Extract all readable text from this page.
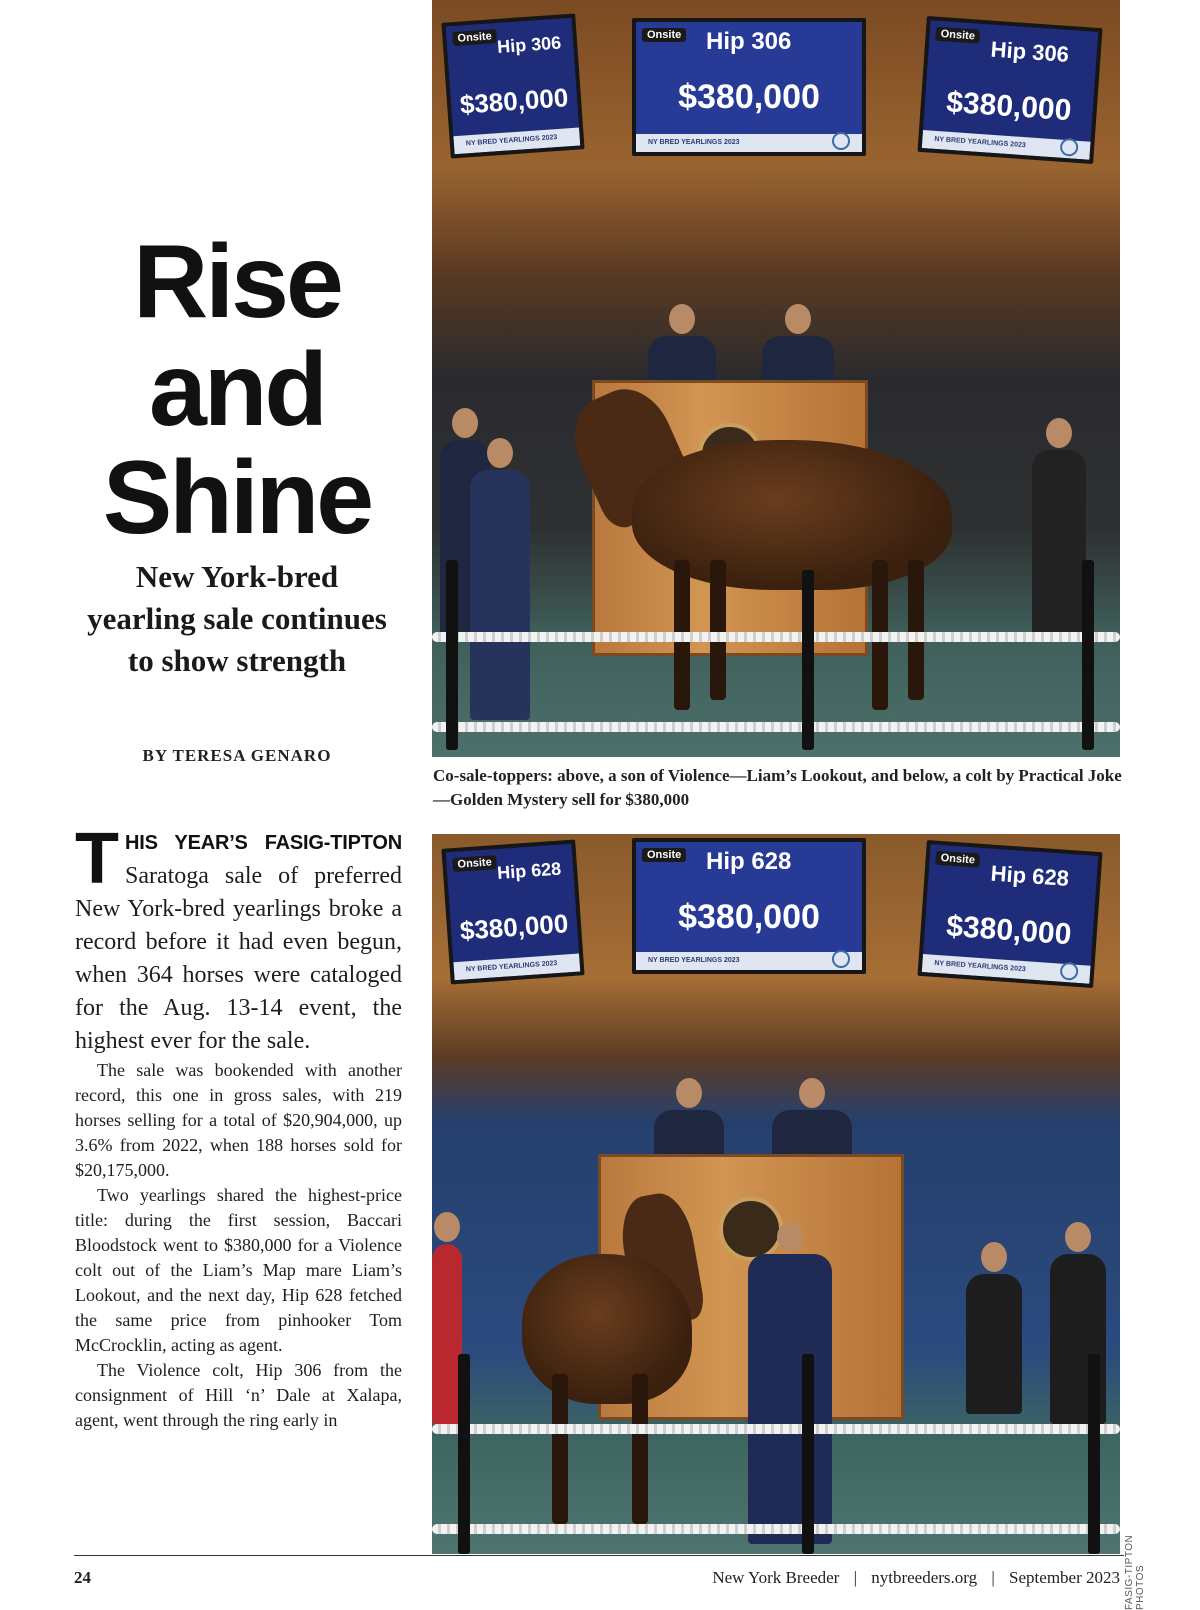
Rise
and
Shine

New York-bred yearling sale continues to show strength

BY TERESA GENARO

THIS YEAR’S FASIG-TIPTON Saratoga sale of preferred New York-bred yearlings broke a record before it had even begun, when 364 horses were cataloged for the Aug. 13-14 event, the highest ever for the sale.

The sale was bookended with another record, this one in gross sales, with 219 horses selling for a total of $20,904,000, up 3.6% from 2022, when 188 horses sold for $20,175,000.

Two yearlings shared the highest-price title: during the first session, Baccari Bloodstock went to $380,000 for a Violence colt out of the Liam’s Map mare Liam’s Lookout, and the next day, Hip 628 fetched the same price from pinhooker Tom McCrocklin, acting as agent.

The Violence colt, Hip 306 from the consignment of Hill ‘n’ Dale at Xalapa, agent, went through the ring early in

Onsite Hip 306
$380,000
NY BRED YEARLINGS 2023
Onsite Hip 306
$380,000
NY BRED YEARLINGS 2023
Onsite
Hip 306
$380,000
NY BRED YEARLINGS 2023

Co-sale-toppers: above, a son of Violence—Liam’s Lookout, and below, a colt by Practical Joke—Golden Mystery sell for $380,000

Onsite Hip 628
$380,000
NY BRED YEARLINGS 2023
Onsite Hip 628
$380,000
NY BRED YEARLINGS 2023
Onsite
Hip 628
$380,000
NY BRED YEARLINGS 2023
FASIG-TIPTON PHOTOS
24	New York Breeder | nytbreeders.org | September 2023
